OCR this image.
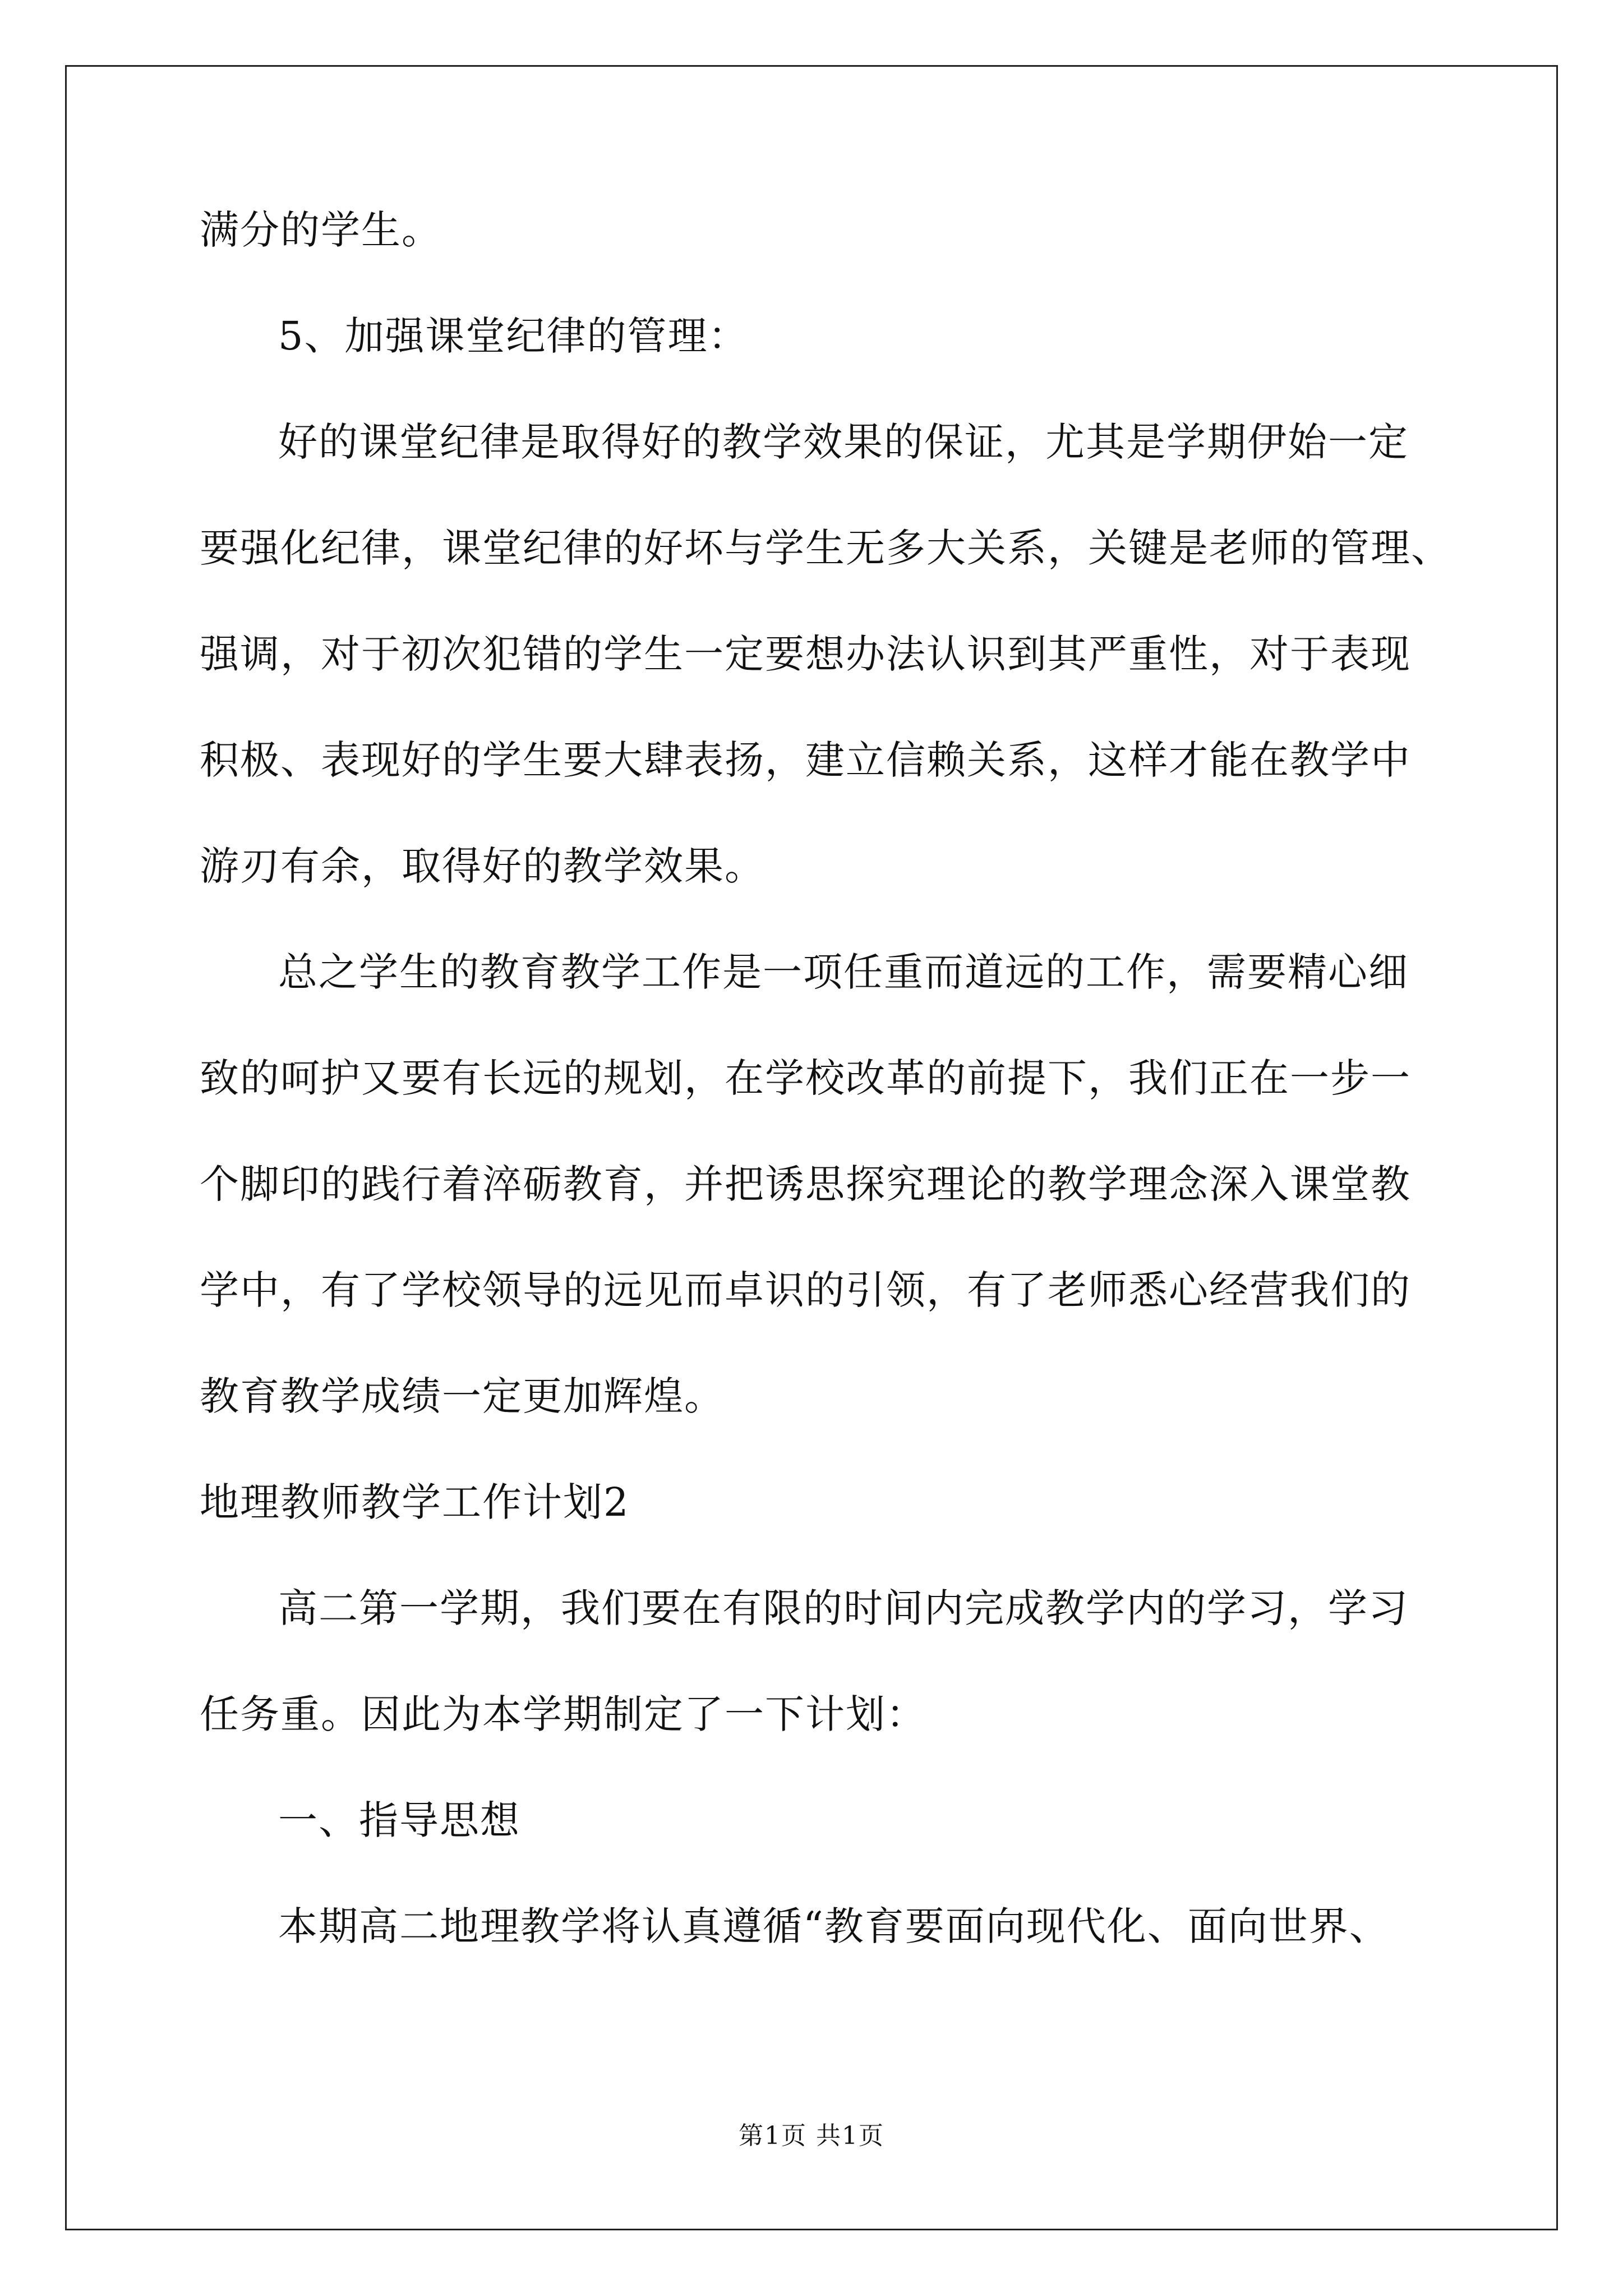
满分的学生。
5、加强课堂纪律的管理：
好的课堂纪律是取得好的教学效果的保证，尤其是学期伊始一定
要强化纪律，课堂纪律的好坏与学生无多大关系，关键是老师的管理、
强调，对于初次犯错的学生一定要想办法认识到其严重性，对于表现
积极、表现好的学生要大肆表扬，建立信赖关系，这样才能在教学中
游刃有余，取得好的教学效果。
总之学生的教育教学工作是一项任重而道远的工作，需要精心细
致的呵护又要有长远的规划，在学校改革的前提下，我们正在一步一
个脚印的践行着淬砺教育，并把诱思探究理论的教学理念深入课堂教
学中，有了学校领导的远见而卓识的引领，有了老师悉心经营我们的
教育教学成绩一定更加辉煌。
地理教师教学工作计划2
高二第一学期，我们要在有限的时间内完成教学内的学习，学习
任务重。因此为本学期制定了一下计划：
一、指导思想
本期高二地理教学将认真遵循“教育要面向现代化、面向世界、
第1页 共1页
